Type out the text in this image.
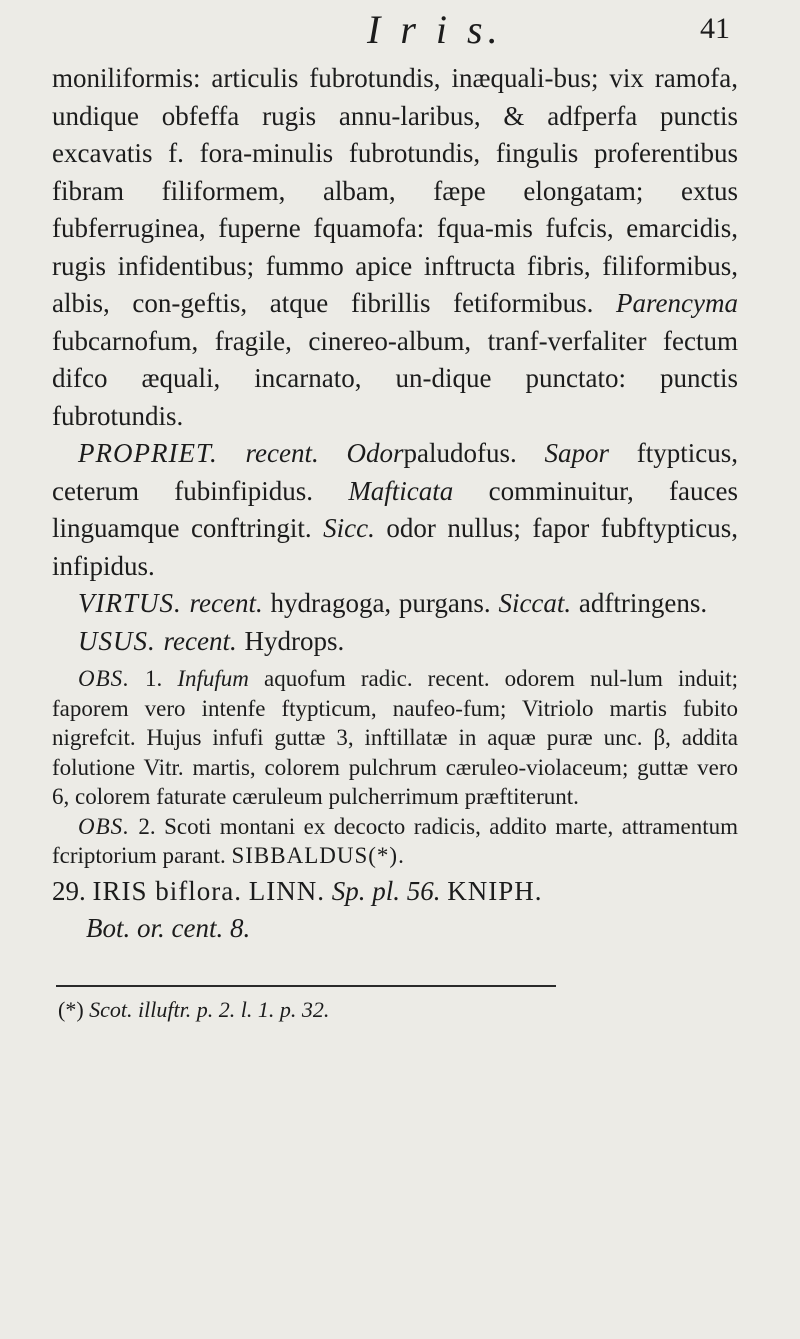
I r i s.	41

moniliformis: articulis fubrotundis, inæquali-bus; vix ramofa, undique obfeffa rugis annu-laribus, & adfperfa punctis excavatis f. fora-minulis fubrotundis, fingulis proferentibus fibram filiformem, albam, fæpe elongatam; extus fubferruginea, fuperne fquamofa: fqua-mis fufcis, emarcidis, rugis infidentibus; fummo apice inftructa fibris, filiformibus, albis, con-geftis, atque fibrillis fetiformibus. Parencyma fubcarnofum, fragile, cinereo-album, tranf-verfaliter fectum difco æquali, incarnato, un-dique punctato: punctis fubrotundis.

PROPRIET. recent. Odorpaludofus. Sapor ftypticus, ceterum fubinfipidus. Mafticata comminuitur, fauces linguamque conftringit. Sicc. odor nullus; fapor fubftypticus, infipidus.

VIRTUS. recent. hydragoga, purgans. Siccat. adftringens.

USUS. recent. Hydrops.

OBS. 1. Infufum aquofum radic. recent. odorem nul-lum induit; faporem vero intenfe ftypticum, naufeo-fum; Vitriolo martis fubito nigrefcit. Hujus infufi guttæ 3, inftillatæ in aquæ puræ unc. β, addita folutione Vitr. martis, colorem pulchrum cæruleo-violaceum; guttæ vero 6, colorem faturate cæruleum pulcherrimum præftiterunt.

OBS. 2. Scoti montani ex decocto radicis, addito marte, attramentum fcriptorium parant. SIBBALDUS(*).

29. IRIS biflora. LINN. Sp. pl. 56. KNIPH.

Bot. or. cent. 8.

(*) Scot. illuftr. p. 2. l. 1. p. 32.
